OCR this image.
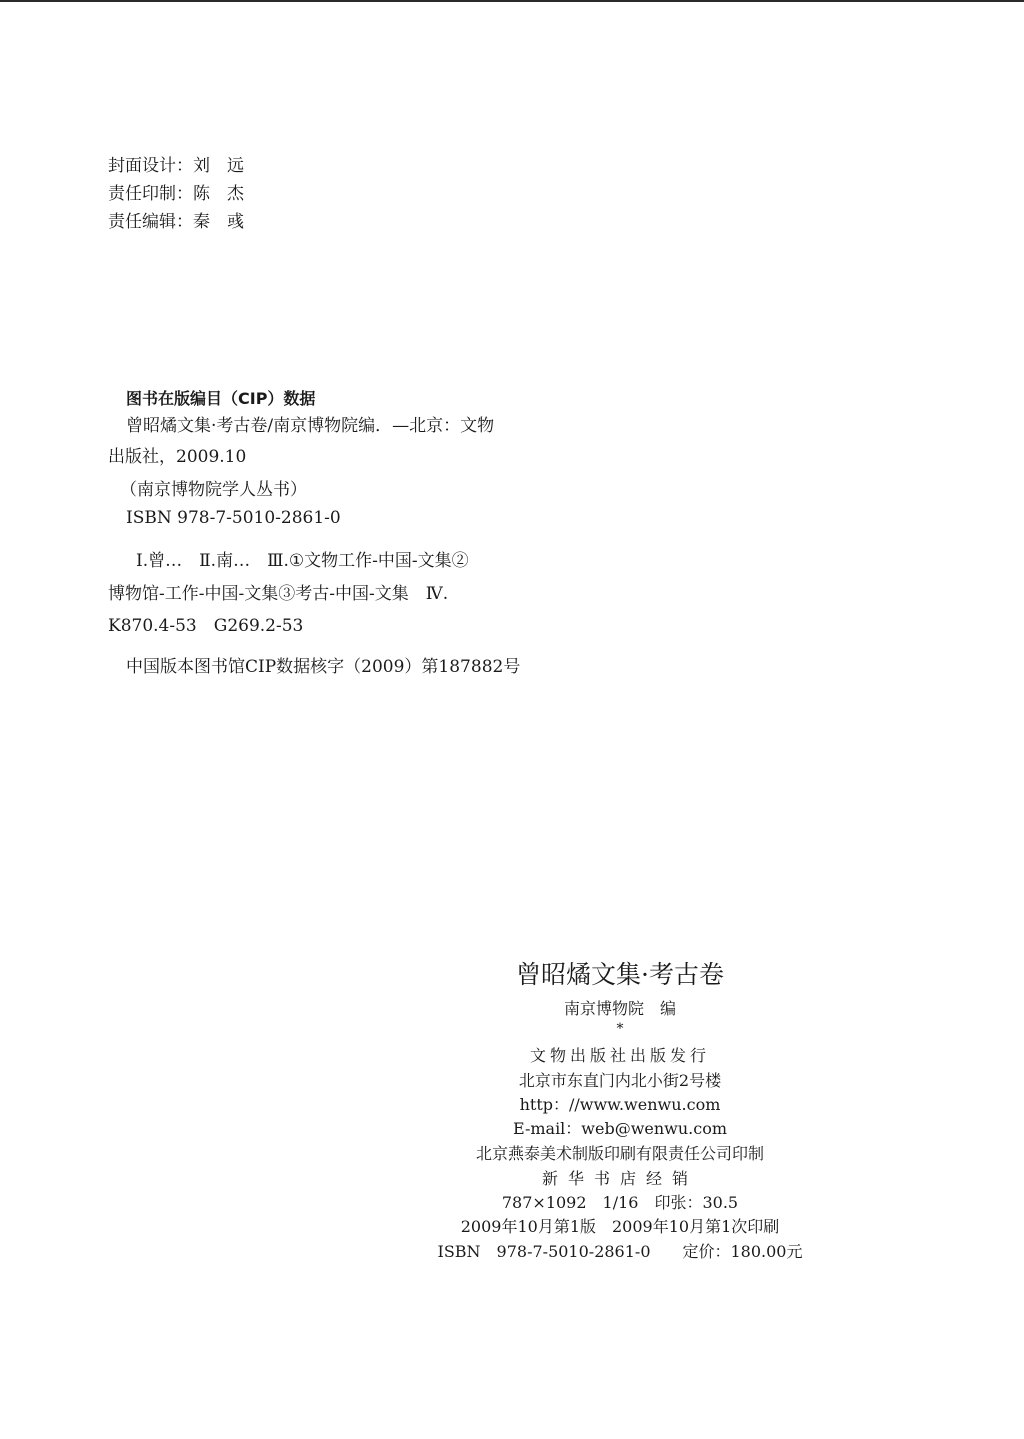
封面设计：刘　远
责任印制：陈　杰
责任编辑：秦　彧
图书在版编目（CIP）数据
曾昭燏文集·考古卷/南京博物院编．—北京：文物
出版社，2009.10
（南京博物院学人丛书）
ISBN 978-7-5010-2861-0
Ⅰ.曾…　Ⅱ.南…　Ⅲ.①文物工作-中国-文集②
博物馆-工作-中国-文集③考古-中国-文集　Ⅳ.
K870.4-53　G269.2-53
中国版本图书馆CIP数据核字（2009）第187882号
曾昭燏文集·考古卷
南京博物院　编
*
文物出版社出版发行
北京市东直门内北小街2号楼
http：//www.wenwu.com
E-mail：web@wenwu.com
北京燕泰美术制版印刷有限责任公司印制
新华书店经销
787×1092　1/16　印张：30.5
2009年10月第1版　2009年10月第1次印刷
ISBN　978-7-5010-2861-0　　定价：180.00元
